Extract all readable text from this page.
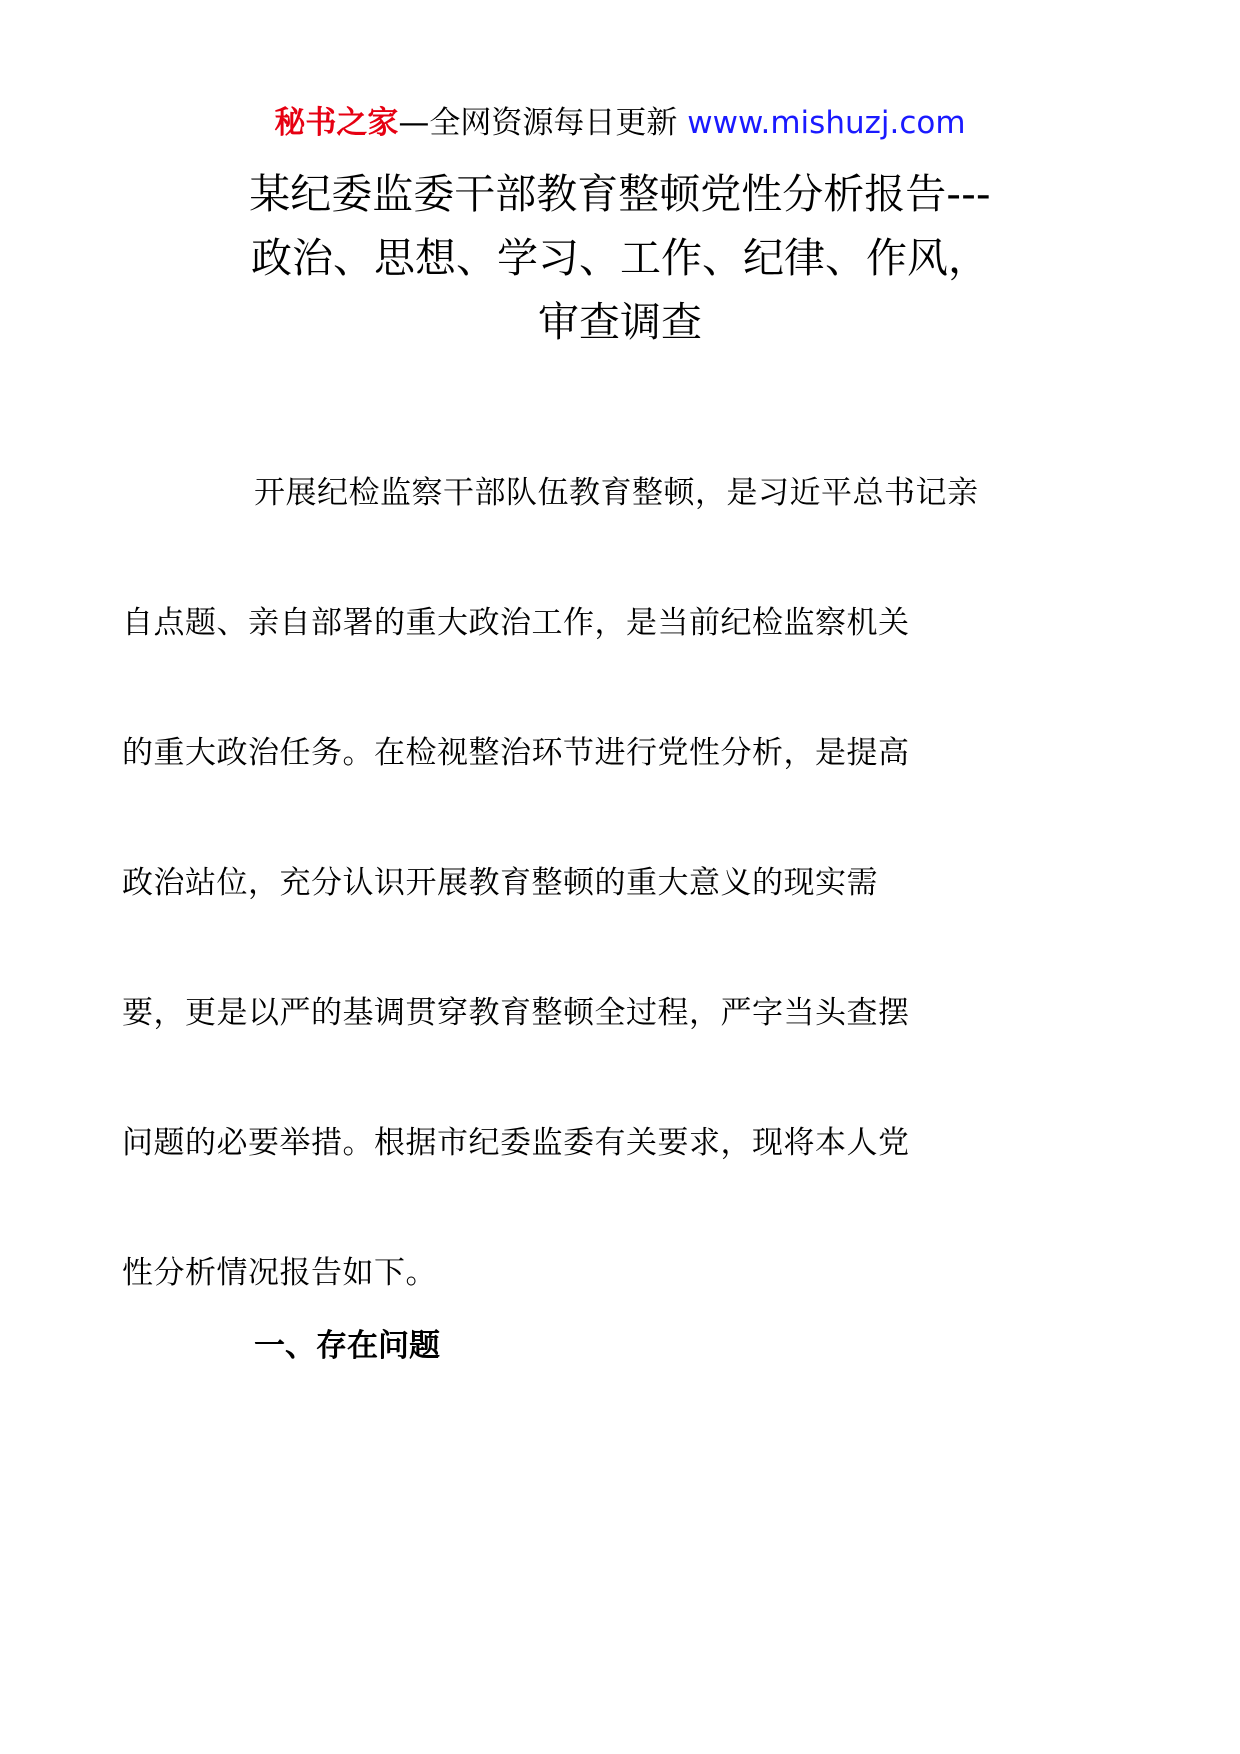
秘书之家—全网资源每日更新 www.mishuzj.com
某纪委监委干部教育整顿党性分析报告---
政治、思想、学习、工作、纪律、作风，
审查调查

开展纪检监察干部队伍教育整顿，是习近平总书记亲
自点题、亲自部署的重大政治工作，是当前纪检监察机关
的重大政治任务。在检视整治环节进行党性分析，是提高
政治站位，充分认识开展教育整顿的重大意义的现实需
要，更是以严的基调贯穿教育整顿全过程，严字当头查摆
问题的必要举措。根据市纪委监委有关要求，现将本人党
性分析情况报告如下。

一、存在问题
